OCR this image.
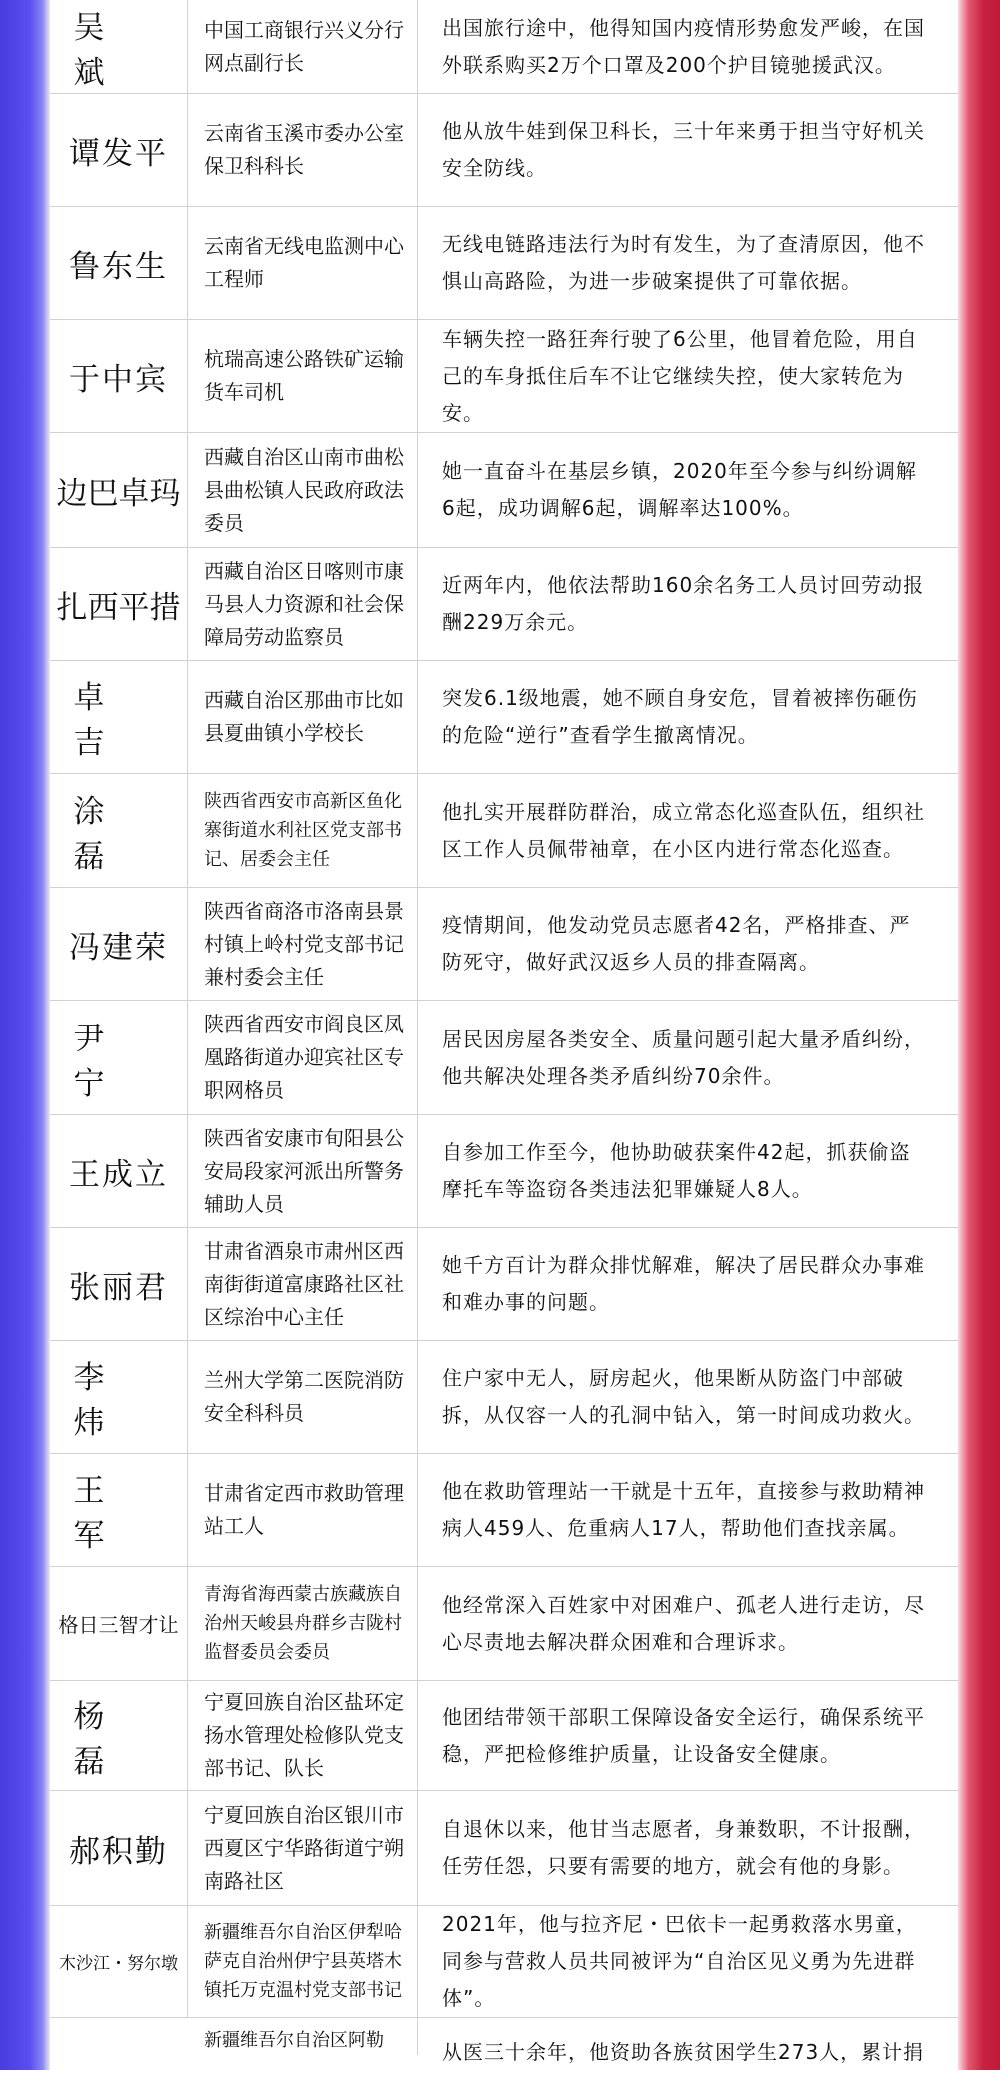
吴　斌
中国工商银行兴义分行网点副行长
出国旅行途中，他得知国内疫情形势愈发严峻，在国外联系购买2万个口罩及200个护目镜驰援武汉。
谭发平
云南省玉溪市委办公室保卫科科长
他从放牛娃到保卫科长，三十年来勇于担当守好机关安全防线。
鲁东生
云南省无线电监测中心工程师
无线电链路违法行为时有发生，为了查清原因，他不惧山高路险，为进一步破案提供了可靠依据。
于中宾
杭瑞高速公路铁矿运输货车司机
车辆失控一路狂奔行驶了6公里，他冒着危险，用自己的车身抵住后车不让它继续失控，使大家转危为安。
边巴卓玛
西藏自治区山南市曲松县曲松镇人民政府政法委员
她一直奋斗在基层乡镇，2020年至今参与纠纷调解6起，成功调解6起，调解率达100%。
扎西平措
西藏自治区日喀则市康马县人力资源和社会保障局劳动监察员
近两年内，他依法帮助160余名务工人员讨回劳动报酬229万余元。
卓　吉
西藏自治区那曲市比如县夏曲镇小学校长
突发6.1级地震，她不顾自身安危，冒着被摔伤砸伤的危险“逆行”查看学生撤离情况。
涂　磊
陕西省西安市高新区鱼化寨街道水利社区党支部书记、居委会主任
他扎实开展群防群治，成立常态化巡查队伍，组织社区工作人员佩带袖章，在小区内进行常态化巡查。
冯建荣
陕西省商洛市洛南县景村镇上岭村党支部书记兼村委会主任
疫情期间，他发动党员志愿者42名，严格排查、严防死守，做好武汉返乡人员的排查隔离。
尹　宁
陕西省西安市阎良区凤凰路街道办迎宾社区专职网格员
居民因房屋各类安全、质量问题引起大量矛盾纠纷，他共解决处理各类矛盾纠纷70余件。
王成立
陕西省安康市旬阳县公安局段家河派出所警务辅助人员
自参加工作至今，他协助破获案件42起，抓获偷盗摩托车等盗窃各类违法犯罪嫌疑人8人。
张丽君
甘肃省酒泉市肃州区西南街街道富康路社区社区综治中心主任
她千方百计为群众排忧解难，解决了居民群众办事难和难办事的问题。
李　炜
兰州大学第二医院消防安全科科员
住户家中无人，厨房起火，他果断从防盗门中部破拆，从仅容一人的孔洞中钻入，第一时间成功救火。
王　军
甘肃省定西市救助管理站工人
他在救助管理站一干就是十五年，直接参与救助精神病人459人、危重病人17人，帮助他们查找亲属。
格日三智才让
青海省海西蒙古族藏族自治州天峻县舟群乡吉陇村监督委员会委员
他经常深入百姓家中对困难户、孤老人进行走访，尽心尽责地去解决群众困难和合理诉求。
杨　磊
宁夏回族自治区盐环定扬水管理处检修队党支部书记、队长
他团结带领干部职工保障设备安全运行，确保系统平稳，严把检修维护质量，让设备安全健康。
郝积勤
宁夏回族自治区银川市西夏区宁华路街道宁朔南路社区
自退休以来，他甘当志愿者，身兼数职，不计报酬，任劳任怨，只要有需要的地方，就会有他的身影。
木沙江・努尔墩
新疆维吾尔自治区伊犁哈萨克自治州伊宁县英塔木镇托万克温村党支部书记
2021年，他与拉齐尼・巴依卡一起勇救落水男童，同参与营救人员共同被评为“自治区见义勇为先进群体”。
新疆维吾尔自治区阿勒	从医三十余年，他资助各族贫困学生273人，累计捐
